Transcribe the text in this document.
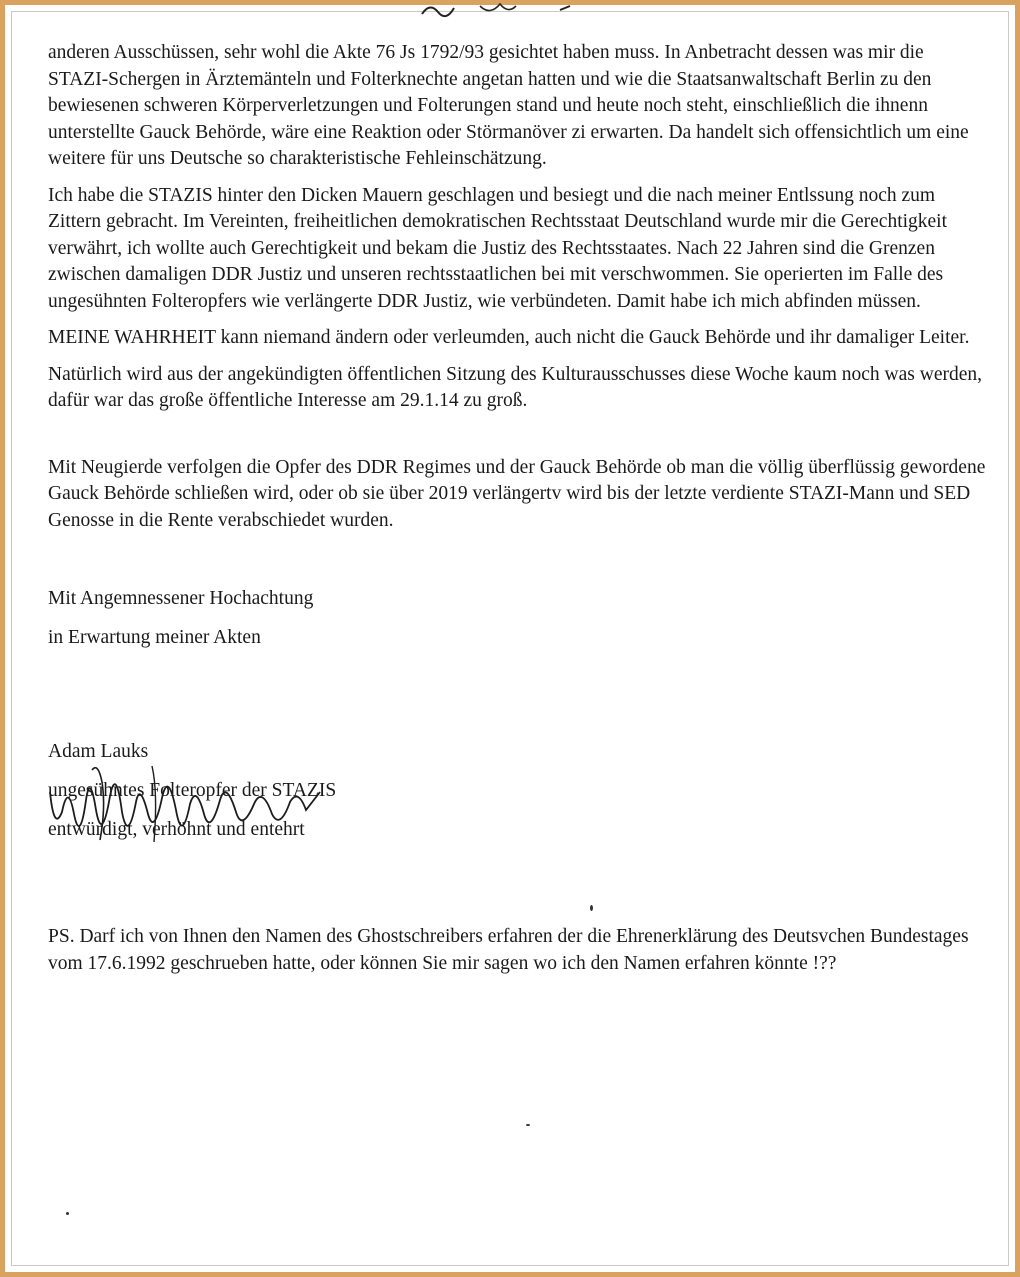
anderen Ausschüssen, sehr wohl die Akte 76 Js 1792/93 gesichtet haben muss. In Anbetracht dessen was mir die STAZI-Schergen in Ärztemänteln und Folterknechte angetan hatten und wie die Staatsanwaltschaft Berlin zu den bewiesenen schweren Körperverletzungen und Folterungen stand und heute noch steht, einschließlich die ihnenn unterstellte Gauck Behörde, wäre eine Reaktion oder Störmanöver zi erwarten. Da handelt sich offensichtlich um eine weitere für uns Deutsche so charakteristische Fehleinschätzung.

Ich habe die STAZIS hinter den Dicken Mauern geschlagen und besiegt und die nach meiner Entlssung noch zum Zittern gebracht. Im Vereinten, freiheitlichen demokratischen Rechtsstaat Deutschland wurde mir die Gerechtigkeit verwährt, ich wollte auch Gerechtigkeit und bekam die Justiz des Rechtsstaates. Nach 22 Jahren sind die Grenzen zwischen damaligen DDR Justiz und unseren rechtsstaatlichen bei mit verschwommen. Sie operierten im Falle des ungesühnten Folteropfers wie verlängerte DDR Justiz, wie verbündeten. Damit habe ich mich abfinden müssen.

MEINE WAHRHEIT kann niemand ändern oder verleumden, auch nicht die Gauck Behörde und ihr damaliger Leiter.

Natürlich wird aus der angekündigten öffentlichen Sitzung des Kulturausschusses diese Woche kaum noch was werden, dafür war das große öffentliche Interesse am 29.1.14 zu groß.

Mit Neugierde verfolgen die Opfer des DDR Regimes und der Gauck Behörde ob man die völlig überflüssig gewordene Gauck Behörde schließen wird, oder ob sie über 2019 verlängertv wird bis der letzte verdiente STAZI-Mann und SED Genosse in die Rente verabschiedet wurden.

Mit Angemnessener Hochachtung

in Erwartung meiner Akten

Adam Lauks

ungesühntes Folteropfer der STAZIS

entwürdigt, verhöhnt und entehrt

PS. Darf ich von Ihnen den Namen des Ghostschreibers erfahren der die Ehrenerklärung des Deutsvchen Bundestages vom 17.6.1992 geschrueben hatte, oder können Sie mir sagen wo ich den Namen erfahren könnte !??
